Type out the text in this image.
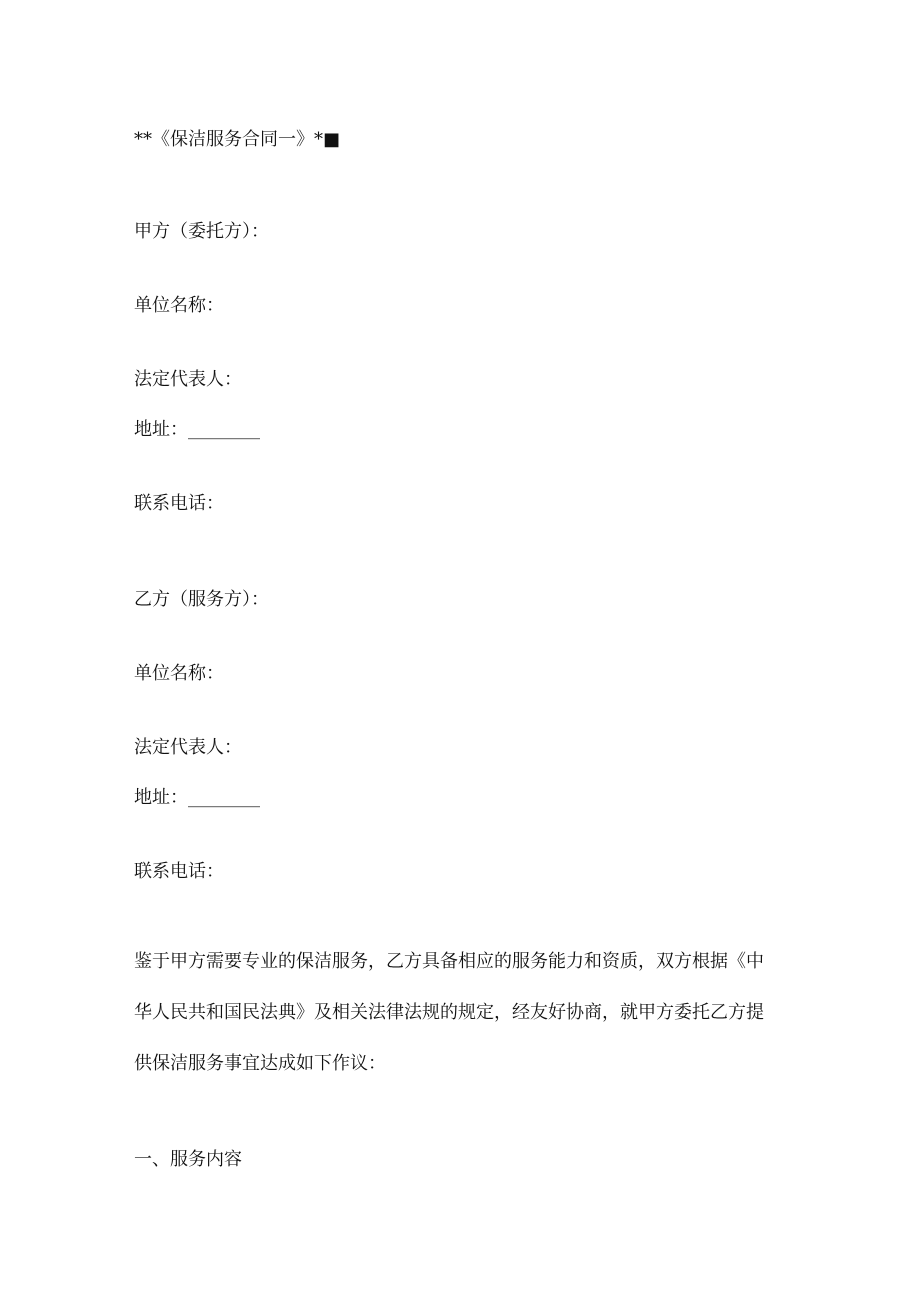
**《保洁服务合同一》*■
甲方（委托方）：
单位名称：
法定代表人：
地址：________
联系电话：
乙方（服务方）：
单位名称：
法定代表人：
地址：________
联系电话：
鉴于甲方需要专业的保洁服务，乙方具备相应的服务能力和资质，双方根据《中
华人民共和国民法典》及相关法律法规的规定，经友好协商，就甲方委托乙方提
供保洁服务事宜达成如下作议：
一、服务内容
